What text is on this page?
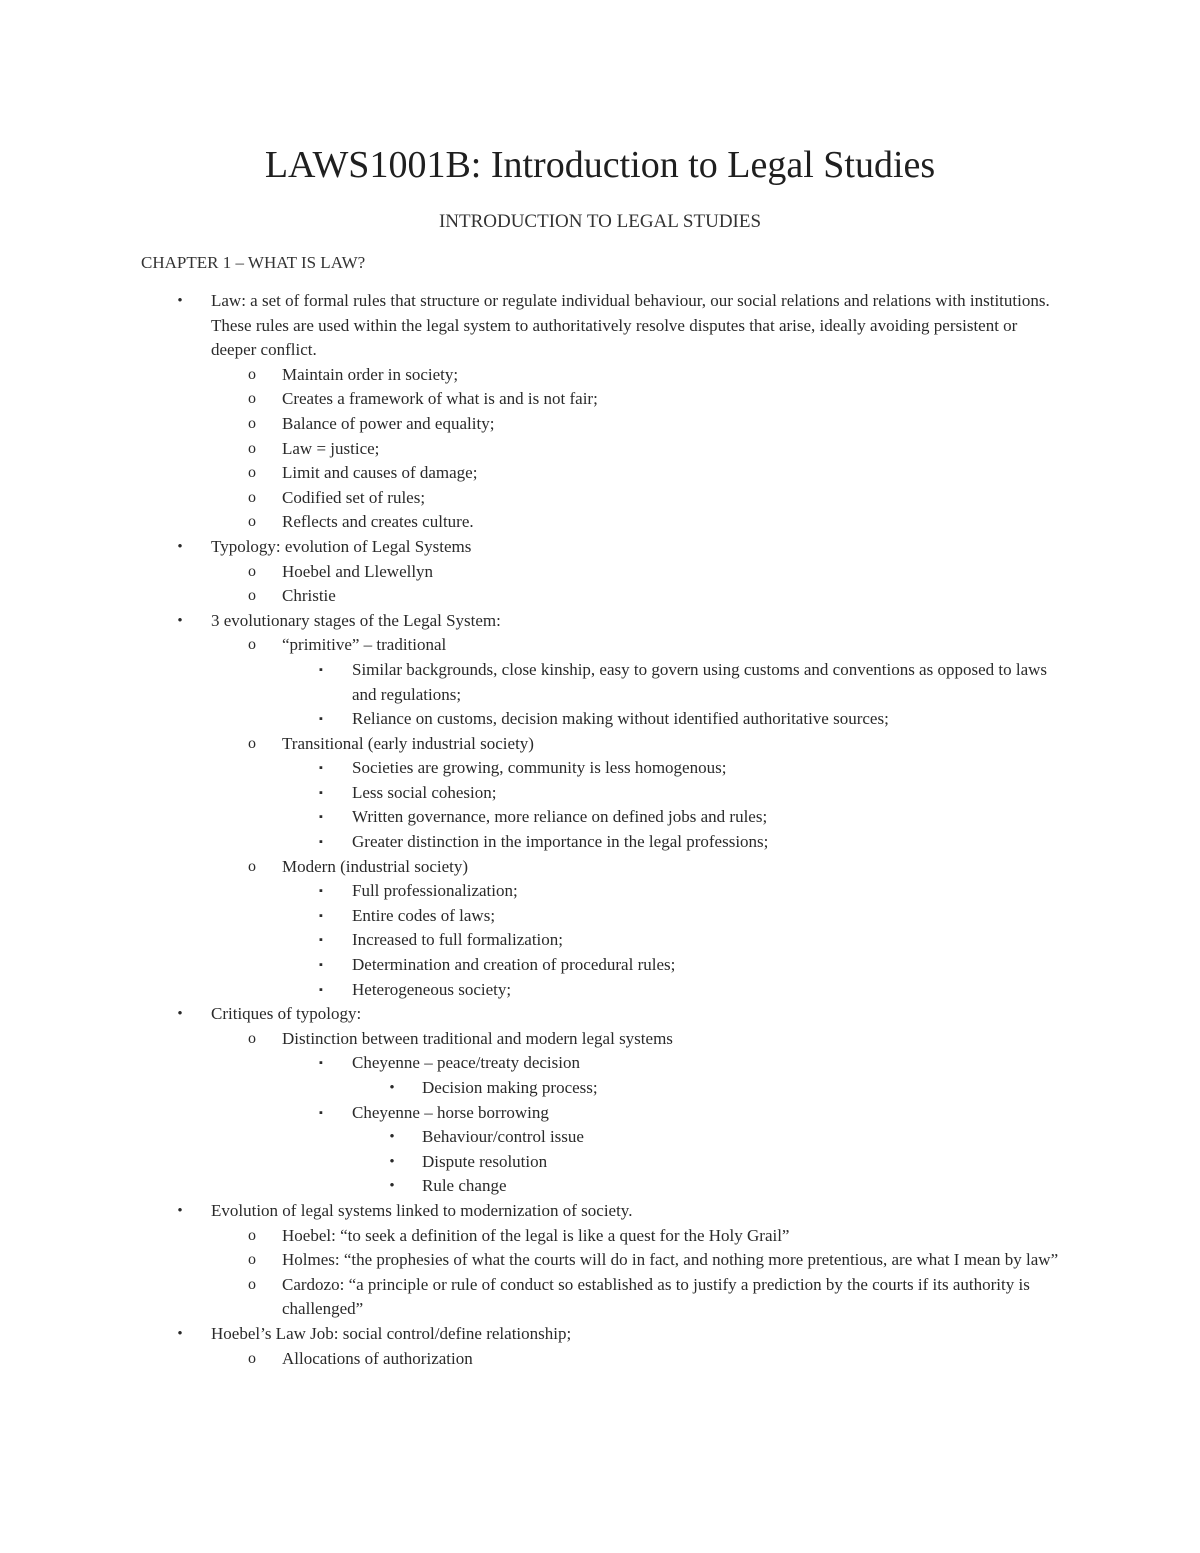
LAWS1001B: Introduction to Legal Studies
INTRODUCTION TO LEGAL STUDIES
CHAPTER 1 – WHAT IS LAW?
•	Law: a set of formal rules that structure or regulate individual behaviour, our social relations and relations with institutions. These rules are used within the legal system to authoritatively resolve disputes that arise, ideally avoiding persistent or deeper conflict.
o	Maintain order in society;
o	Creates a framework of what is and is not fair;
o	Balance of power and equality;
o	Law = justice;
o	Limit and causes of damage;
o	Codified set of rules;
o	Reflects and creates culture.
•	Typology: evolution of Legal Systems
o	Hoebel and Llewellyn
o	Christie
•	3 evolutionary stages of the Legal System:
o	“primitive” – traditional
▪	Similar backgrounds, close kinship, easy to govern using customs and conventions as opposed to laws and regulations;
▪	Reliance on customs, decision making without identified authoritative sources;
o	Transitional (early industrial society)
▪	Societies are growing, community is less homogenous;
▪	Less social cohesion;
▪	Written governance, more reliance on defined jobs and rules;
▪	Greater distinction in the importance in the legal professions;
o	Modern (industrial society)
▪	Full professionalization;
▪	Entire codes of laws;
▪	Increased to full formalization;
▪	Determination and creation of procedural rules;
▪	Heterogeneous society;
•	Critiques of typology:
o	Distinction between traditional and modern legal systems
▪	Cheyenne – peace/treaty decision
•	Decision making process;
▪	Cheyenne – horse borrowing
•	Behaviour/control issue
•	Dispute resolution
•	Rule change
•	Evolution of legal systems linked to modernization of society.
o	Hoebel: “to seek a definition of the legal is like a quest for the Holy Grail”
o	Holmes: “the prophesies of what the courts will do in fact, and nothing more pretentious, are what I mean by law”
o	Cardozo: “a principle or rule of conduct so established as to justify a prediction by the courts if its authority is challenged”
•	Hoebel’s Law Job: social control/define relationship;
o	Allocations of authorization
